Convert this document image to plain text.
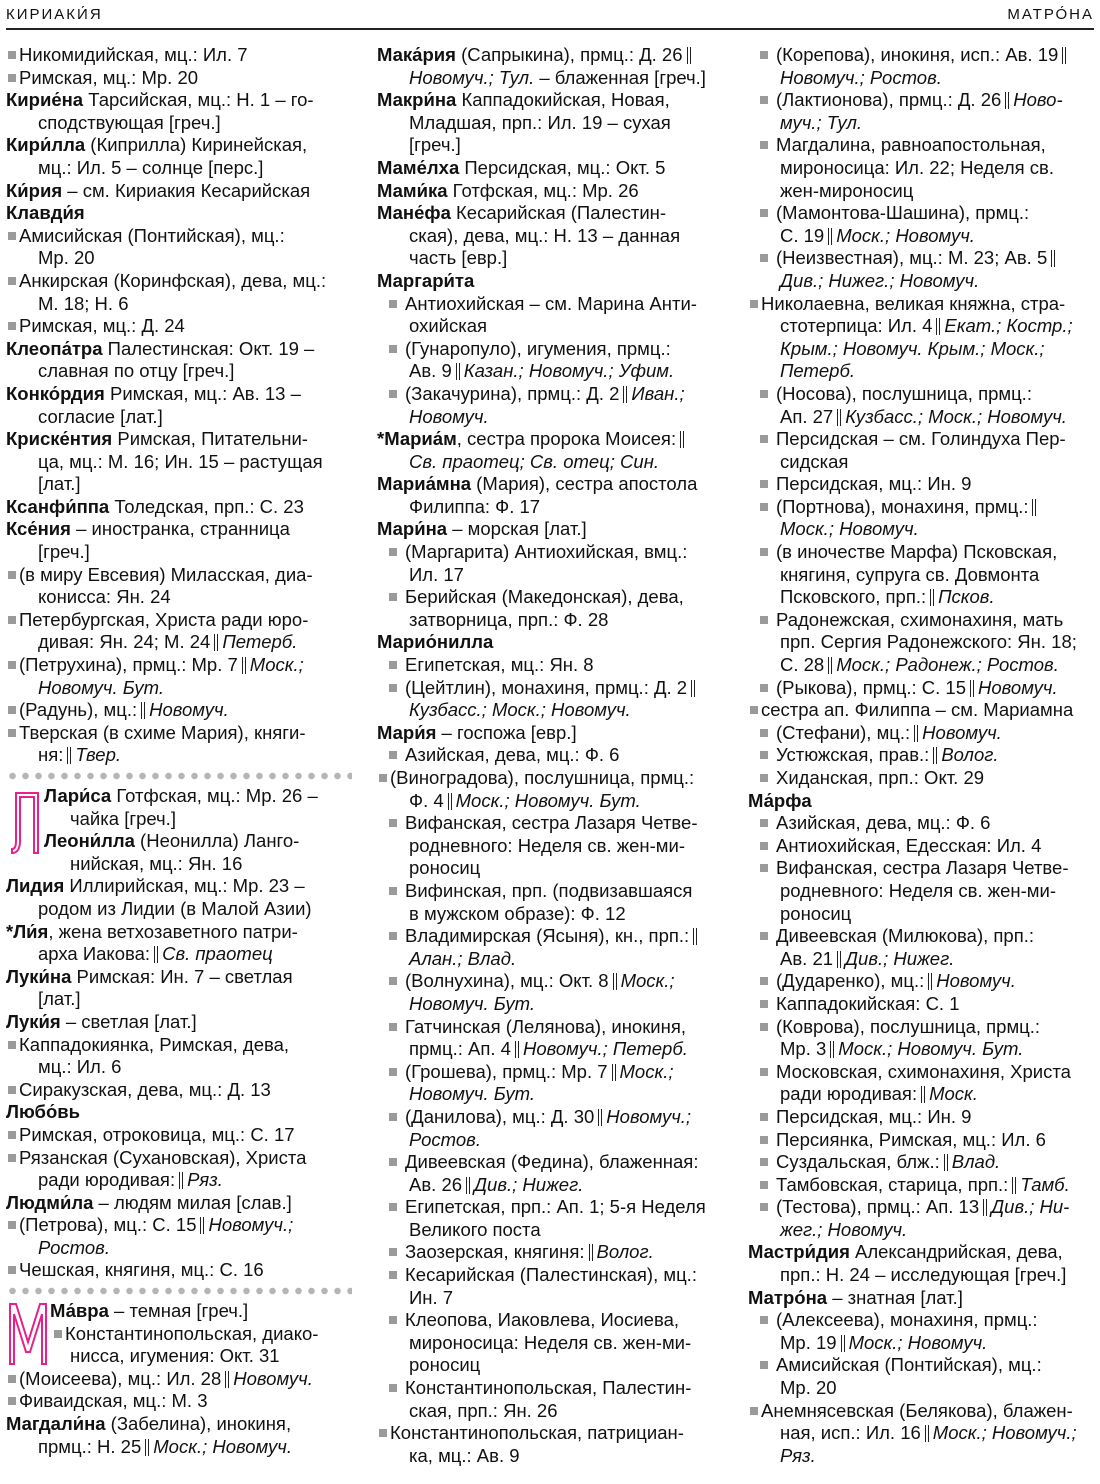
КИРИАКИ́Я	МАТРО́НА
Никомидийская, мц.: Ил. 7
Римская, мц.: Мр. 20
Кирие́на Тарсийская, мц.: Н. 1 – го-
сподствующая [греч.]
Кири́лла (Киприлла) Киринейская,
мц.: Ил. 5 – солнце [перс.]
Ки́рия – см. Кириакия Кесарийская
Клавди́я
Амисийская (Понтийская), мц.:
Мр. 20
Анкирская (Коринфская), дева, мц.:
М. 18; Н. 6
Римская, мц.: Д. 24
Клеопа́тра Палестинская: Окт. 19 –
славная по отцу [греч.]
Конко́рдия Римская, мц.: Ав. 13 –
согласие [лат.]
Криске́нтия Римская, Питательни-
ца, мц.: М. 16; Ин. 15 – растущая
[лат.]
Ксанфи́ппа Толедская, прп.: С. 23
Ксе́ния – иностранка, странница
[греч.]
(в миру Евсевия) Миласская, диа-
конисса: Ян. 24
Петербургская, Христа ради юро-
дивая: Ян. 24; М. 24 Петерб.
(Петрухина), прмц.: Мр. 7 Моск.;
Новомуч. Бут.
(Радунь), мц.: Новомуч.
Тверская (в схиме Мария), княги-
ня: Твер.
Лари́са Готфская, мц.: Мр. 26 –
чайка [греч.]
Леони́лла (Неонилла) Ланго-
нийская, мц.: Ян. 16
Лидия Иллирийская, мц.: Мр. 23 –
родом из Лидии (в Малой Азии)
*Ли́я, жена ветхозаветного патри-
арха Иакова: Св. праотец
Луки́на Римская: Ин. 7 – светлая
[лат.]
Луки́я – светлая [лат.]
Каппадокиянка, Римская, дева,
мц.: Ил. 6
Сиракузская, дева, мц.: Д. 13
Любо́вь
Римская, отроковица, мц.: С. 17
Рязанская (Сухановская), Христа
ради юродивая: Ряз.
Людми́ла – людям милая [слав.]
(Петрова), мц.: С. 15 Новомуч.;
Ростов.
Чешская, княгиня, мц.: С. 16
Ма́вра – темная [греч.]
Константинопольская, диако-
нисса, игумения: Окт. 31
(Моисеева), мц.: Ил. 28 Новомуч.
Фиваидская, мц.: М. 3
Магдали́на (Забелина), инокиня,
прмц.: Н. 25 Моск.; Новомуч.
Мака́рия (Сапрыкина), прмц.: Д. 26
Новомуч.; Тул. – блаженная [греч.]
Макри́на Каппадокийская, Новая,
Младшая, прп.: Ил. 19 – сухая
[греч.]
Маме́лха Персидская, мц.: Окт. 5
Мами́ка Готфская, мц.: Мр. 26
Мане́фа Кесарийская (Палестин-
ская), дева, мц.: Н. 13 – данная
часть [евр.]
Маргари́та
Антиохийская – см. Марина Анти-
охийская
(Гунаропуло), игумения, прмц.:
Ав. 9 Казан.; Новомуч.; Уфим.
(Закачурина), прмц.: Д. 2 Иван.;
Новомуч.
*Мариа́м, сестра пророка Моисея:
Св. праотец; Св. отец; Син.
Мариа́мна (Мария), сестра апостола
Филиппа: Ф. 17
Мари́на – морская [лат.]
(Маргарита) Антиохийская, вмц.:
Ил. 17
Берийская (Македонская), дева,
затворница, прп.: Ф. 28
Марио́нилла
Египетская, мц.: Ян. 8
(Цейтлин), монахиня, прмц.: Д. 2
Кузбасс.; Моск.; Новомуч.
Мари́я – госпожа [евр.]
Азийская, дева, мц.: Ф. 6
(Виноградова), послушница, прмц.:
Ф. 4 Моск.; Новомуч. Бут.
Вифанская, сестра Лазаря Четве-
родневного: Неделя св. жен-ми-
роносиц
Вифинская, прп. (подвизавшаяся
в мужском образе): Ф. 12
Владимирская (Ясыня), кн., прп.:
Алан.; Влад.
(Волнухина), мц.: Окт. 8 Моск.;
Новомуч. Бут.
Гатчинская (Лелянова), инокиня,
прмц.: Ап. 4 Новомуч.; Петерб.
(Грошева), прмц.: Мр. 7 Моск.;
Новомуч. Бут.
(Данилова), мц.: Д. 30 Новомуч.;
Ростов.
Дивеевская (Федина), блаженная:
Ав. 26 Див.; Нижег.
Египетская, прп.: Ап. 1; 5-я Неделя
Великого поста
Заозерская, княгиня: Волог.
Кесарийская (Палестинская), мц.:
Ин. 7
Клеопова, Иаковлева, Иосиева,
мироносица: Неделя св. жен-ми-
роносиц
Константинопольская, Палестин-
ская, прп.: Ян. 26
Константинопольская, патрициан-
ка, мц.: Ав. 9
(Корепова), инокиня, исп.: Ав. 19
Новомуч.; Ростов.
(Лактионова), прмц.: Д. 26 Ново-
муч.; Тул.
Магдалина, равноапостольная,
мироносица: Ил. 22; Неделя св.
жен-мироносиц
(Мамонтова-Шашина), прмц.:
С. 19 Моск.; Новомуч.
(Неизвестная), мц.: М. 23; Ав. 5
Див.; Нижег.; Новомуч.
Николаевна, великая княжна, стра-
стотерпица: Ил. 4 Екат.; Костр.;
Крым.; Новомуч. Крым.; Моск.;
Петерб.
(Носова), послушница, прмц.:
Ап. 27 Кузбасс.; Моск.; Новомуч.
Персидская – см. Голиндуха Пер-
сидская
Персидская, мц.: Ин. 9
(Портнова), монахиня, прмц.:
Моск.; Новомуч.
(в иночестве Марфа) Псковская,
княгиня, супруга св. Довмонта
Псковского, прп.: Псков.
Радонежская, схимонахиня, мать
прп. Сергия Радонежского: Ян. 18;
С. 28 Моск.; Радонеж.; Ростов.
(Рыкова), прмц.: С. 15 Новомуч.
сестра ап. Филиппа – см. Мариамна
(Стефани), мц.: Новомуч.
Устюжская, прав.: Волог.
Хиданская, прп.: Окт. 29
Ма́рфа
Азийская, дева, мц.: Ф. 6
Антиохийская, Едесская: Ил. 4
Вифанская, сестра Лазаря Четве-
родневного: Неделя св. жен-ми-
роносиц
Дивеевская (Милюкова), прп.:
Ав. 21 Див.; Нижег.
(Дударенко), мц.: Новомуч.
Каппадокийская: С. 1
(Коврова), послушница, прмц.:
Мр. 3 Моск.; Новомуч. Бут.
Московская, схимонахиня, Христа
ради юродивая: Моск.
Персидская, мц.: Ин. 9
Персиянка, Римская, мц.: Ил. 6
Суздальская, блж.: Влад.
Тамбовская, старица, прп.: Тамб.
(Тестова), прмц.: Ап. 13 Див.; Ни-
жег.; Новомуч.
Мастри́дия Александрийская, дева,
прп.: Н. 24 – исследующая [греч.]
Матро́на – знатная [лат.]
(Алексеева), монахиня, прмц.:
Мр. 19 Моск.; Новомуч.
Амисийская (Понтийская), мц.:
Мр. 20
Анемнясевская (Белякова), блажен-
ная, исп.: Ил. 16 Моск.; Новомуч.;
Ряз.
